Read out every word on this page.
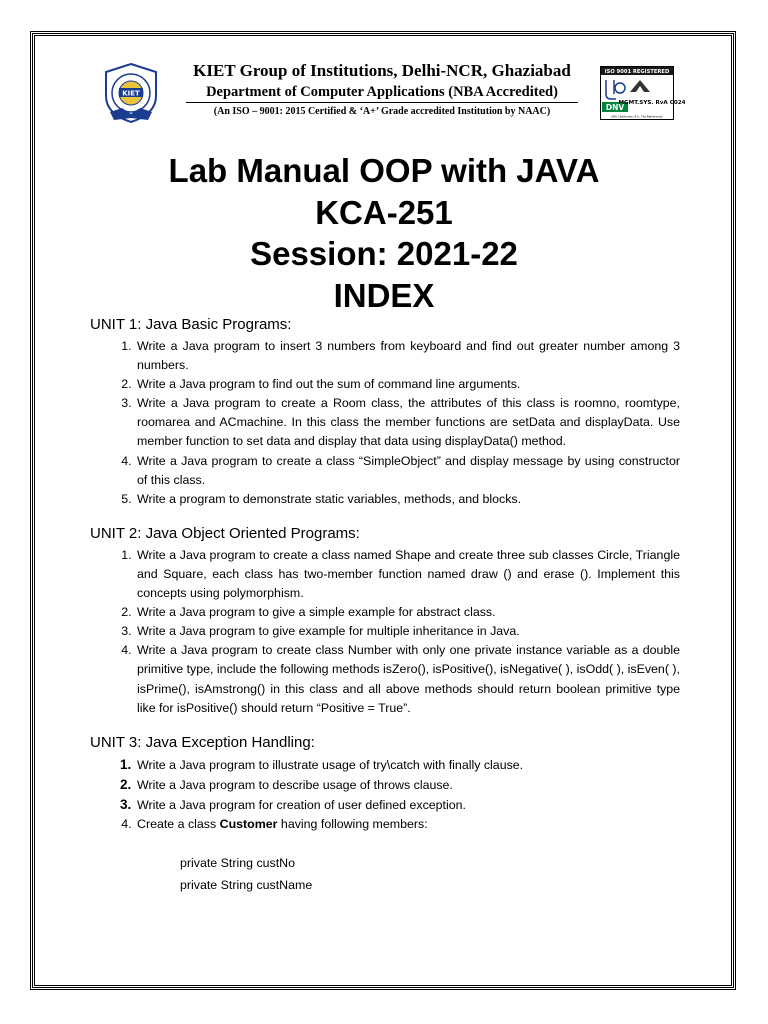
KIET
KIET Group of Institutions, Delhi-NCR, Ghaziabad
Department of Computer Applications (NBA Accredited)
(An ISO – 9001: 2015 Certified & ‘A+’ Grade accredited Institution by NAAC)
ISO 9001 REGISTERED
DNV
MGMT.SYS. RvA C024
DNV Certification B.V., The Netherlands
Lab Manual OOP with JAVA
KCA-251
Session: 2021-22
INDEX
UNIT 1: Java Basic Programs:
1. Write a Java program to insert 3 numbers from keyboard and find out greater number among 3 numbers.
2. Write a Java program to find out the sum of command line arguments.
3. Write a Java program to create a Room class, the attributes of this class is roomno, roomtype, roomarea and ACmachine. In this class the member functions are setData and displayData. Use member function to set data and display that data using displayData() method.
4. Write a Java program to create a class “SimpleObject” and display message by using constructor of this class.
5. Write a program to demonstrate static variables, methods, and blocks.
UNIT 2: Java Object Oriented Programs:
1. Write a Java program to create a class named Shape and create three sub classes Circle, Triangle and Square, each class has two-member function named draw () and erase (). Implement this concepts using polymorphism.
2. Write a Java program to give a simple example for abstract class.
3. Write a Java program to give example for multiple inheritance in Java.
4. Write a Java program to create class Number with only one private instance variable as a double primitive type, include the following methods isZero(), isPositive(), isNegative( ), isOdd( ), isEven( ), isPrime(), isAmstrong() in this class and all above methods should return boolean primitive type like for isPositive() should return “Positive = True”.
UNIT 3: Java Exception Handling:
1. Write a Java program to illustrate usage of try\catch with finally clause.
2. Write a Java program to describe usage of throws clause.
3. Write a Java program for creation of user defined exception.
4. Create a class Customer having following members:
private String custNo
private String custName
